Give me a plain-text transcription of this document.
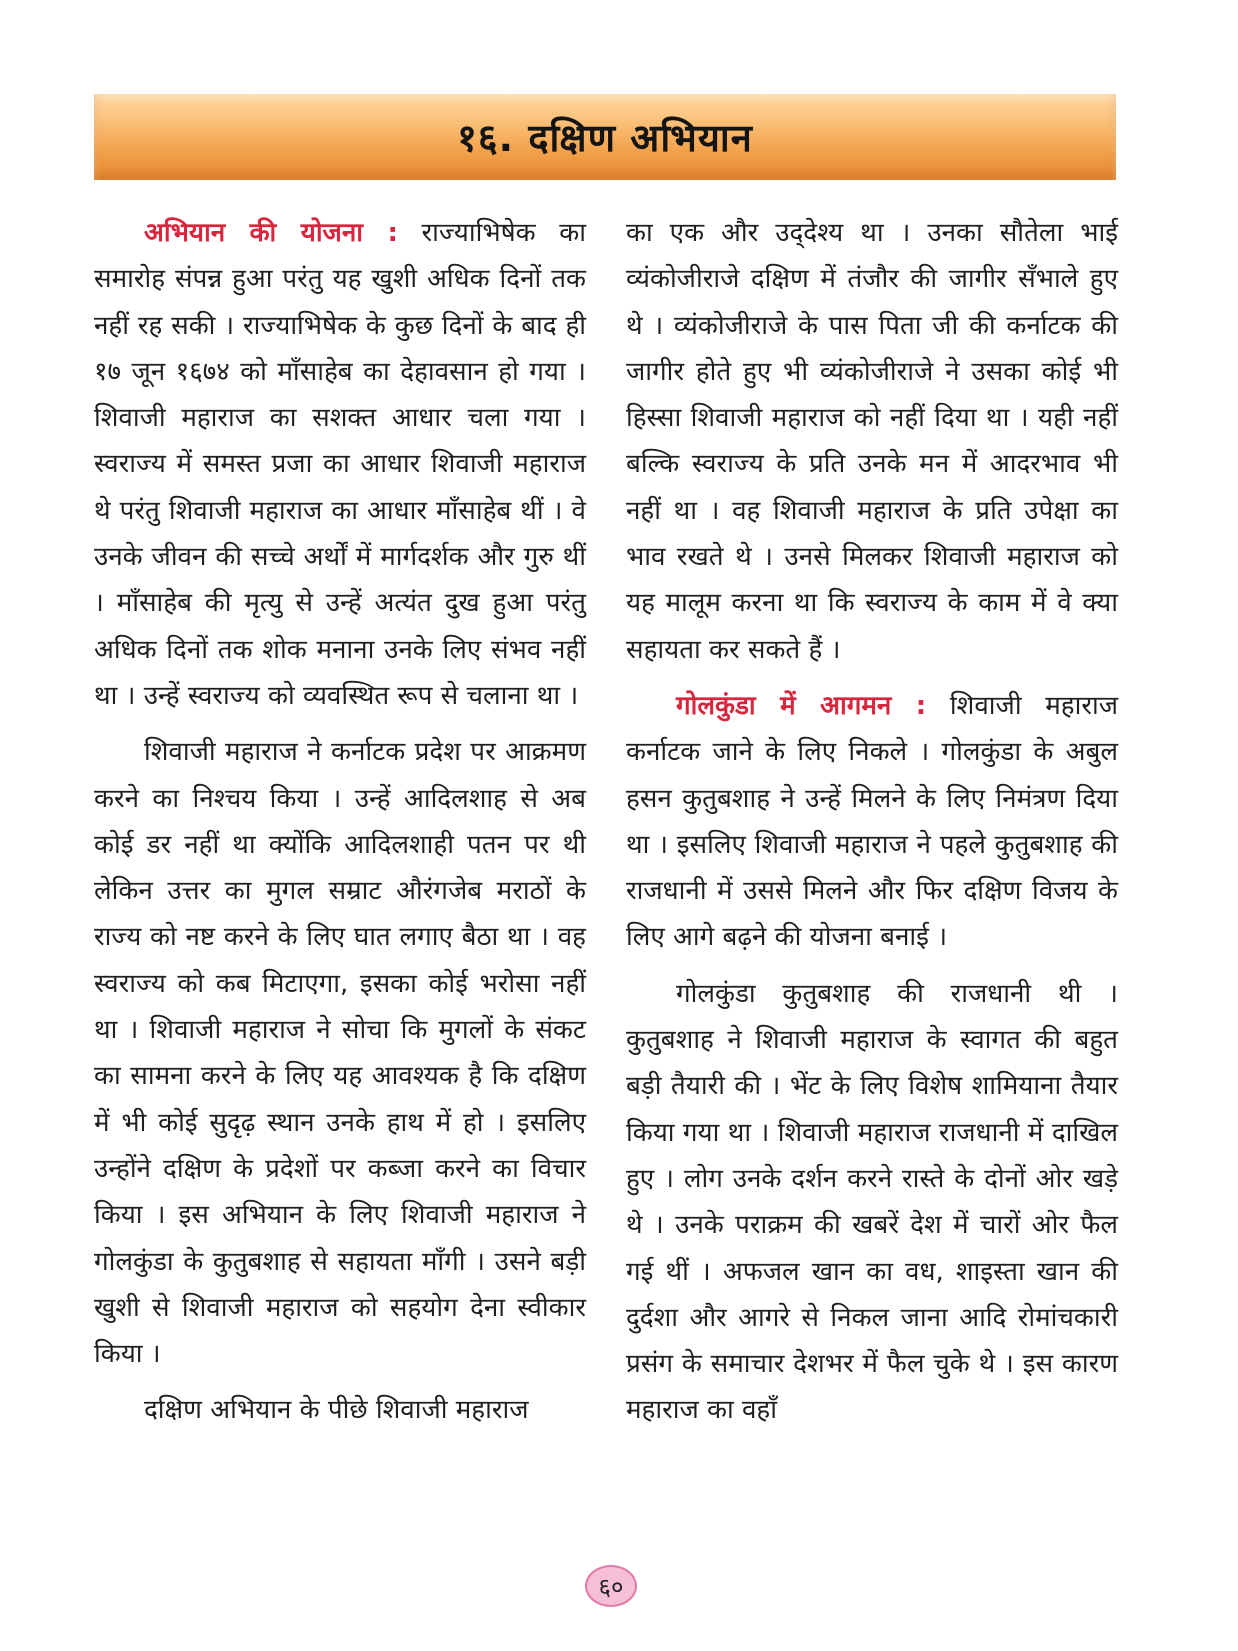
१६. दक्षिण अभियान

अभियान की योजना : राज्याभिषेक का समारोह संपन्न हुआ परंतु यह खुशी अधिक दिनों तक नहीं रह सकी । राज्याभिषेक के कुछ दिनों के बाद ही १७ जून १६७४ को माँसाहेब का देहावसान हो गया । शिवाजी महाराज का सशक्त आधार चला गया । स्वराज्य में समस्त प्रजा का आधार शिवाजी महाराज थे परंतु शिवाजी महाराज का आधार माँसाहेब थीं । वे उनके जीवन की सच्चे अर्थों में मार्गदर्शक और गुरु थीं । माँसाहेब की मृत्यु से उन्हें अत्यंत दुख हुआ परंतु अधिक दिनों तक शोक मनाना उनके लिए संभव नहीं था । उन्हें स्वराज्य को व्यवस्थित रूप से चलाना था ।

शिवाजी महाराज ने कर्नाटक प्रदेश पर आक्रमण करने का निश्चय किया । उन्हें आदिलशाह से अब कोई डर नहीं था क्योंकि आदिलशाही पतन पर थी लेकिन उत्तर का मुगल सम्राट औरंगजेब मराठों के राज्य को नष्ट करने के लिए घात लगाए बैठा था । वह स्वराज्य को कब मिटाएगा, इसका कोई भरोसा नहीं था । शिवाजी महाराज ने सोचा कि मुगलों के संकट का सामना करने के लिए यह आवश्यक है कि दक्षिण में भी कोई सुदृढ़ स्थान उनके हाथ में हो । इसलिए उन्होंने दक्षिण के प्रदेशों पर कब्जा करने का विचार किया । इस अभियान के लिए शिवाजी महाराज ने गोलकुंडा के कुतुबशाह से सहायता माँगी । उसने बड़ी खुशी से शिवाजी महाराज को सहयोग देना स्वीकार किया ।

दक्षिण अभियान के पीछे शिवाजी महाराज

का एक और उद्‌देश्य था । उनका सौतेला भाई व्यंकोजीराजे दक्षिण में तंजौर की जागीर सँभाले हुए थे । व्यंकोजीराजे के पास पिता जी की कर्नाटक की जागीर होते हुए भी व्यंकोजीराजे ने उसका कोई भी हिस्सा शिवाजी महाराज को नहीं दिया था । यही नहीं बल्कि स्वराज्य के प्रति उनके मन में आदरभाव भी नहीं था । वह शिवाजी महाराज के प्रति उपेक्षा का भाव रखते थे । उनसे मिलकर शिवाजी महाराज को यह मालूम करना था कि स्वराज्य के काम में वे क्या सहायता कर सकते हैं ।

गोलकुंडा में आगमन : शिवाजी महाराज कर्नाटक जाने के लिए निकले । गोलकुंडा के अबुल हसन कुतुबशाह ने उन्हें मिलने के लिए निमंत्रण दिया था । इसलिए शिवाजी महाराज ने पहले कुतुबशाह की राजधानी में उससे मिलने और फिर दक्षिण विजय के लिए आगे बढ़ने की योजना बनाई ।

गोलकुंडा कुतुबशाह की राजधानी थी । कुतुबशाह ने शिवाजी महाराज के स्वागत की बहुत बड़ी तैयारी की । भेंट के लिए विशेष शामियाना तैयार किया गया था । शिवाजी महाराज राजधानी में दाखिल हुए । लोग उनके दर्शन करने रास्ते के दोनों ओर खड़े थे । उनके पराक्रम की खबरें देश में चारों ओर फैल गई थीं । अफजल खान का वध, शाइस्ता खान की दुर्दशा और आगरे से निकल जाना आदि रोमांचकारी प्रसंग के समाचार देशभर में फैल चुके थे । इस कारण महाराज का वहाँ

६०
